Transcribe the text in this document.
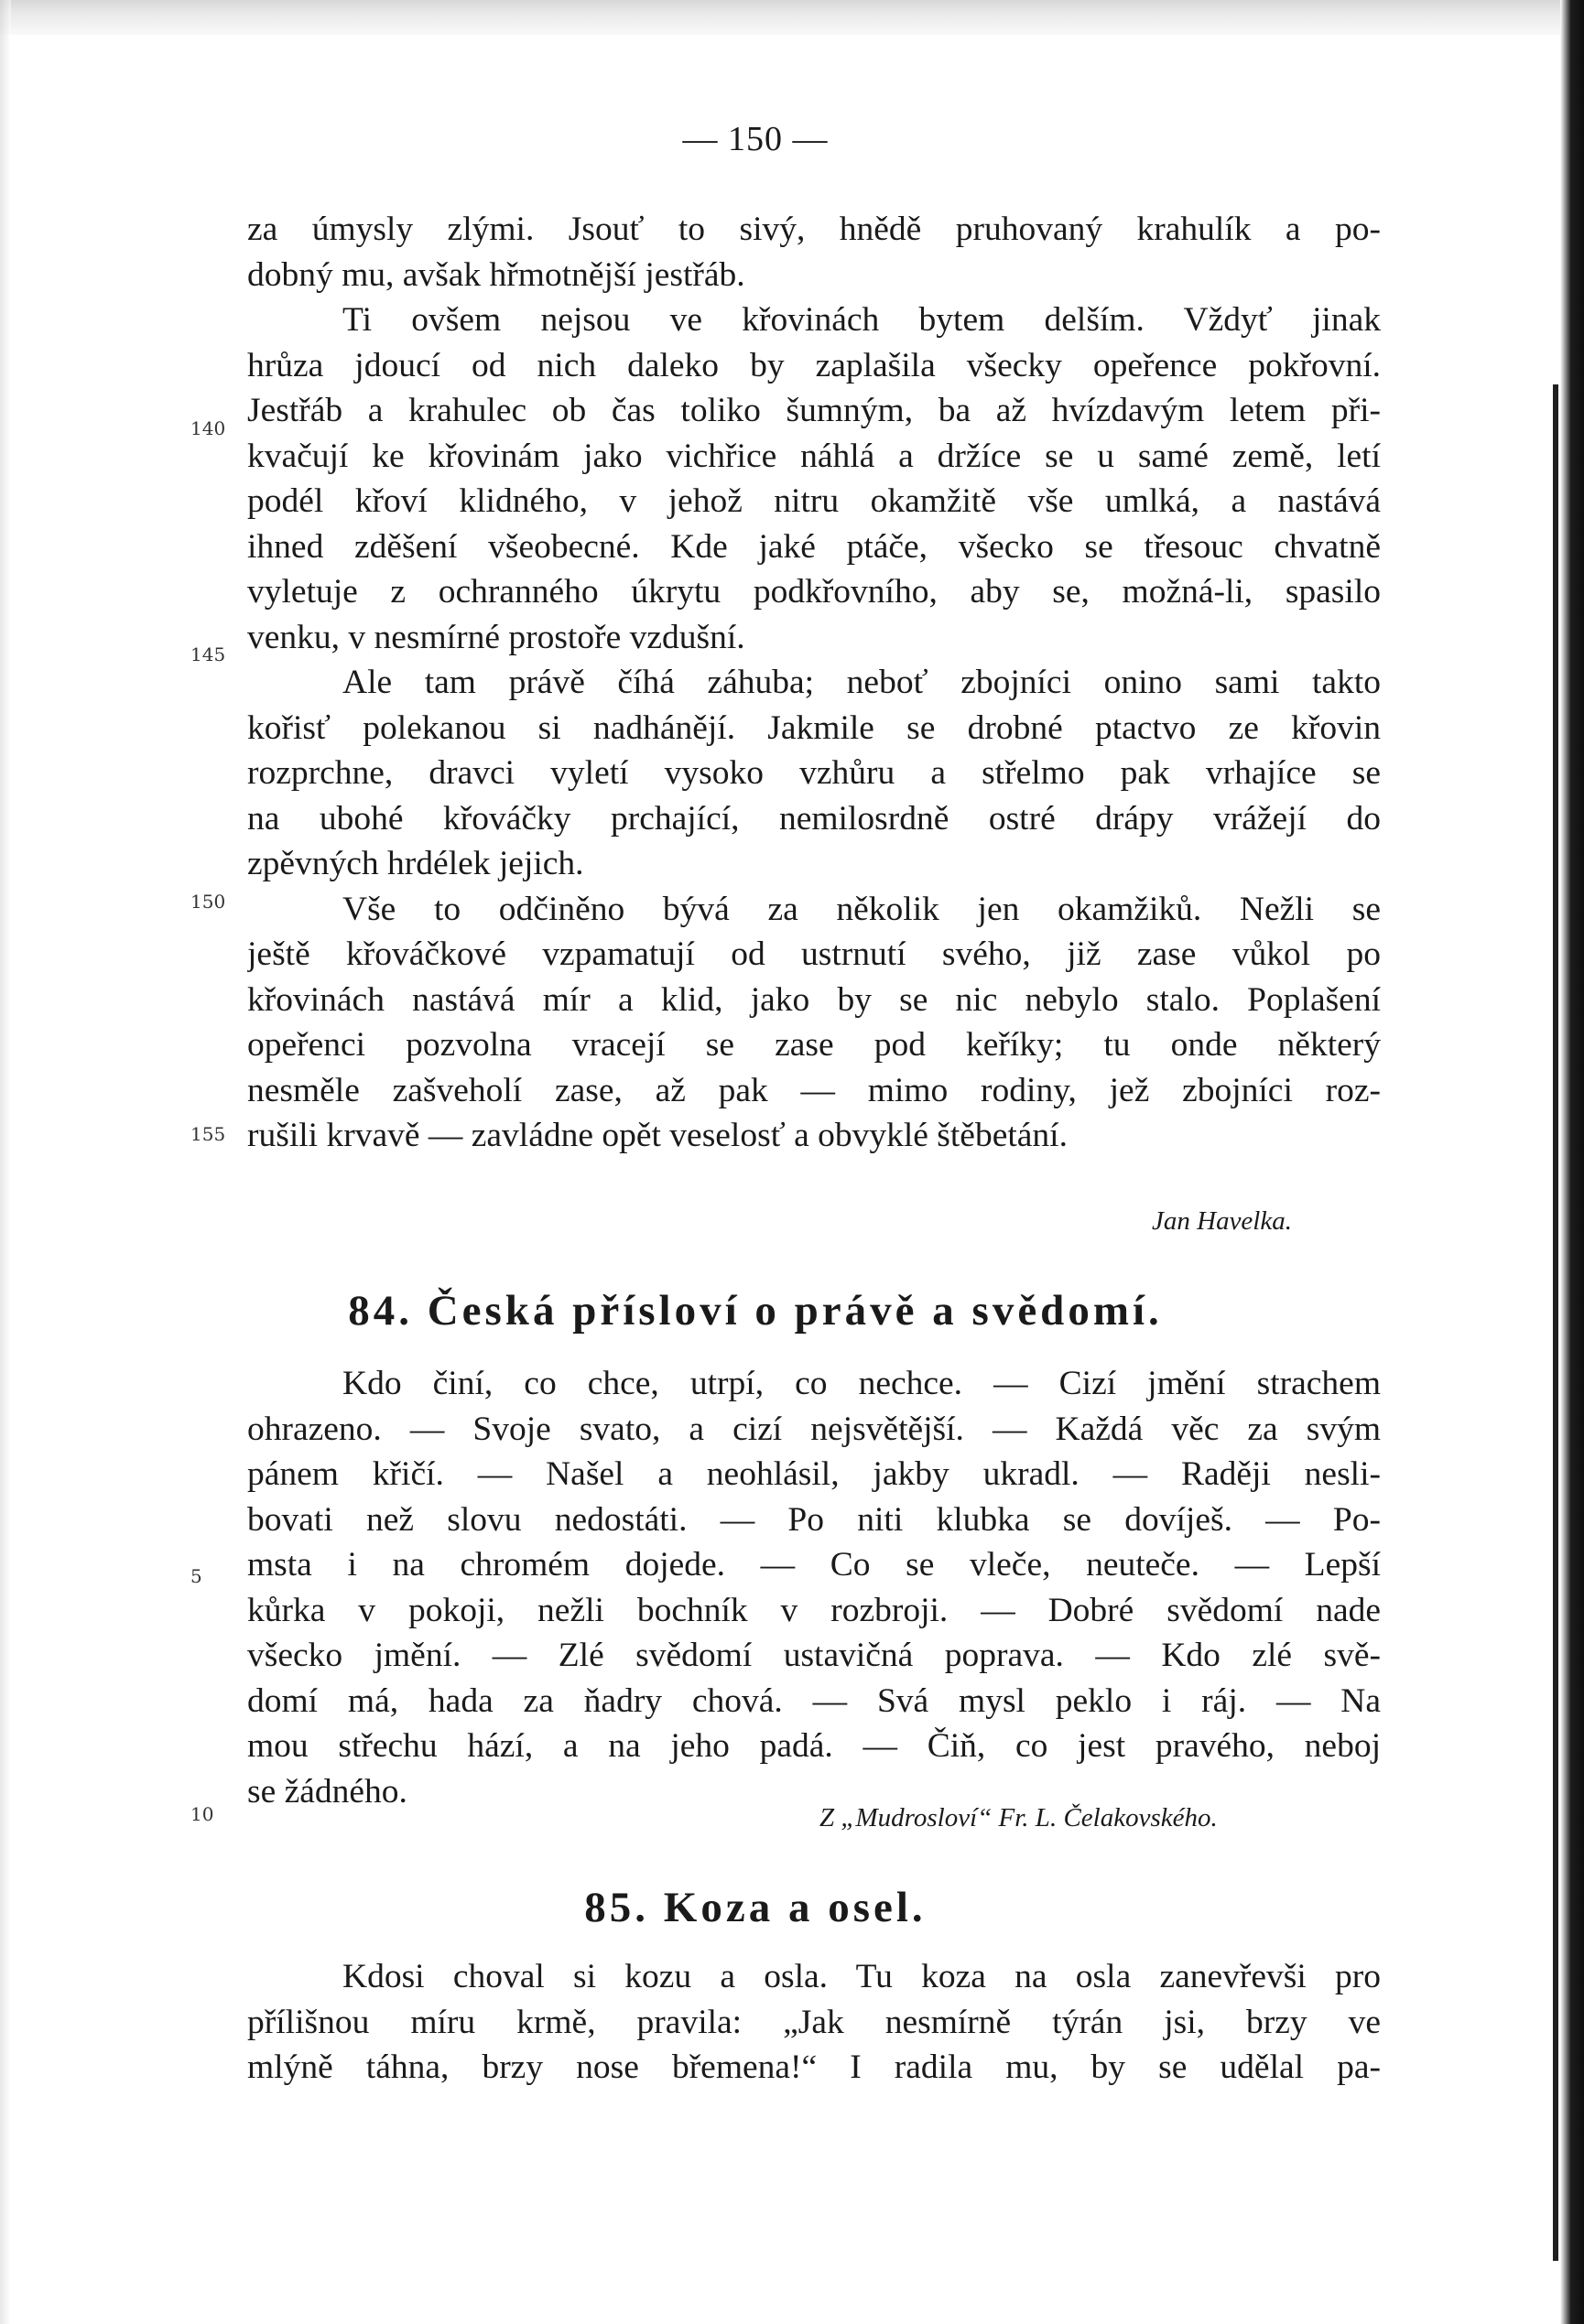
— 150 —
za úmysly zlými. Jsouť to sivý, hnědě pruhovaný krahulík a po-
dobný mu, avšak hřmotnější jestřáb.
Ti ovšem nejsou ve křovinách bytem delším. Vždyť jinak
hrůza jdoucí od nich daleko by zaplašila všecky opeřence pokřovní.
Jestřáb a krahulec ob čas toliko šumným, ba až hvízdavým letem při-
kvačují ke křovinám jako vichřice náhlá a držíce se u samé země, letí
podél křoví klidného, v jehož nitru okamžitě vše umlká, a nastává
ihned zděšení všeobecné. Kde jaké ptáče, všecko se třesouc chvatně
vyletuje z ochranného úkrytu podkřovního, aby se, možná-li, spasilo
venku, v nesmírné prostoře vzdušní.
Ale tam právě číhá záhuba; neboť zbojníci onino sami takto
kořisť polekanou si nadhánějí. Jakmile se drobné ptactvo ze křovin
rozprchne, dravci vyletí vysoko vzhůru a střelmo pak vrhajíce se
na ubohé křováčky prchající, nemilosrdně ostré drápy vrážejí do
zpěvných hrdélek jejich.
Vše to odčiněno bývá za několik jen okamžiků. Nežli se
ještě křováčkové vzpamatují od ustrnutí svého, již zase vůkol po
křovinách nastává mír a klid, jako by se nic nebylo stalo. Poplašení
opeřenci pozvolna vracejí se zase pod keříky; tu onde některý
nesměle zašveholí zase, až pak — mimo rodiny, jež zbojníci roz-
rušili krvavě — zavládne opět veselosť a obvyklé štěbetání.
140
145
150
155
Jan Havelka.
84. Česká přísloví o právě a svědomí.
Kdo činí, co chce, utrpí, co nechce. — Cizí jmění strachem
ohrazeno. — Svoje svato, a cizí nejsvětější. — Každá věc za svým
pánem křičí. — Našel a neohlásil, jakby ukradl. — Raději nesli-
bovati než slovu nedostáti. — Po niti klubka se dovíješ. — Po-
msta i na chromém dojede. — Co se vleče, neuteče. — Lepší
kůrka v pokoji, nežli bochník v rozbroji. — Dobré svědomí nade
všecko jmění. — Zlé svědomí ustavičná poprava. — Kdo zlé svě-
domí má, hada za ňadry chová. — Svá mysl peklo i ráj. — Na
mou střechu hází, a na jeho padá. — Čiň, co jest pravého, neboj
se žádného.
5
10	Z „Mudrosloví“ Fr. L. Čelakovského.
85. Koza a osel.
Kdosi choval si kozu a osla. Tu koza na osla zanevřevši pro
přílišnou míru krmě, pravila: „Jak nesmírně týrán jsi, brzy ve
mlýně táhna, brzy nose břemena!“ I radila mu, by se udělal pa-
